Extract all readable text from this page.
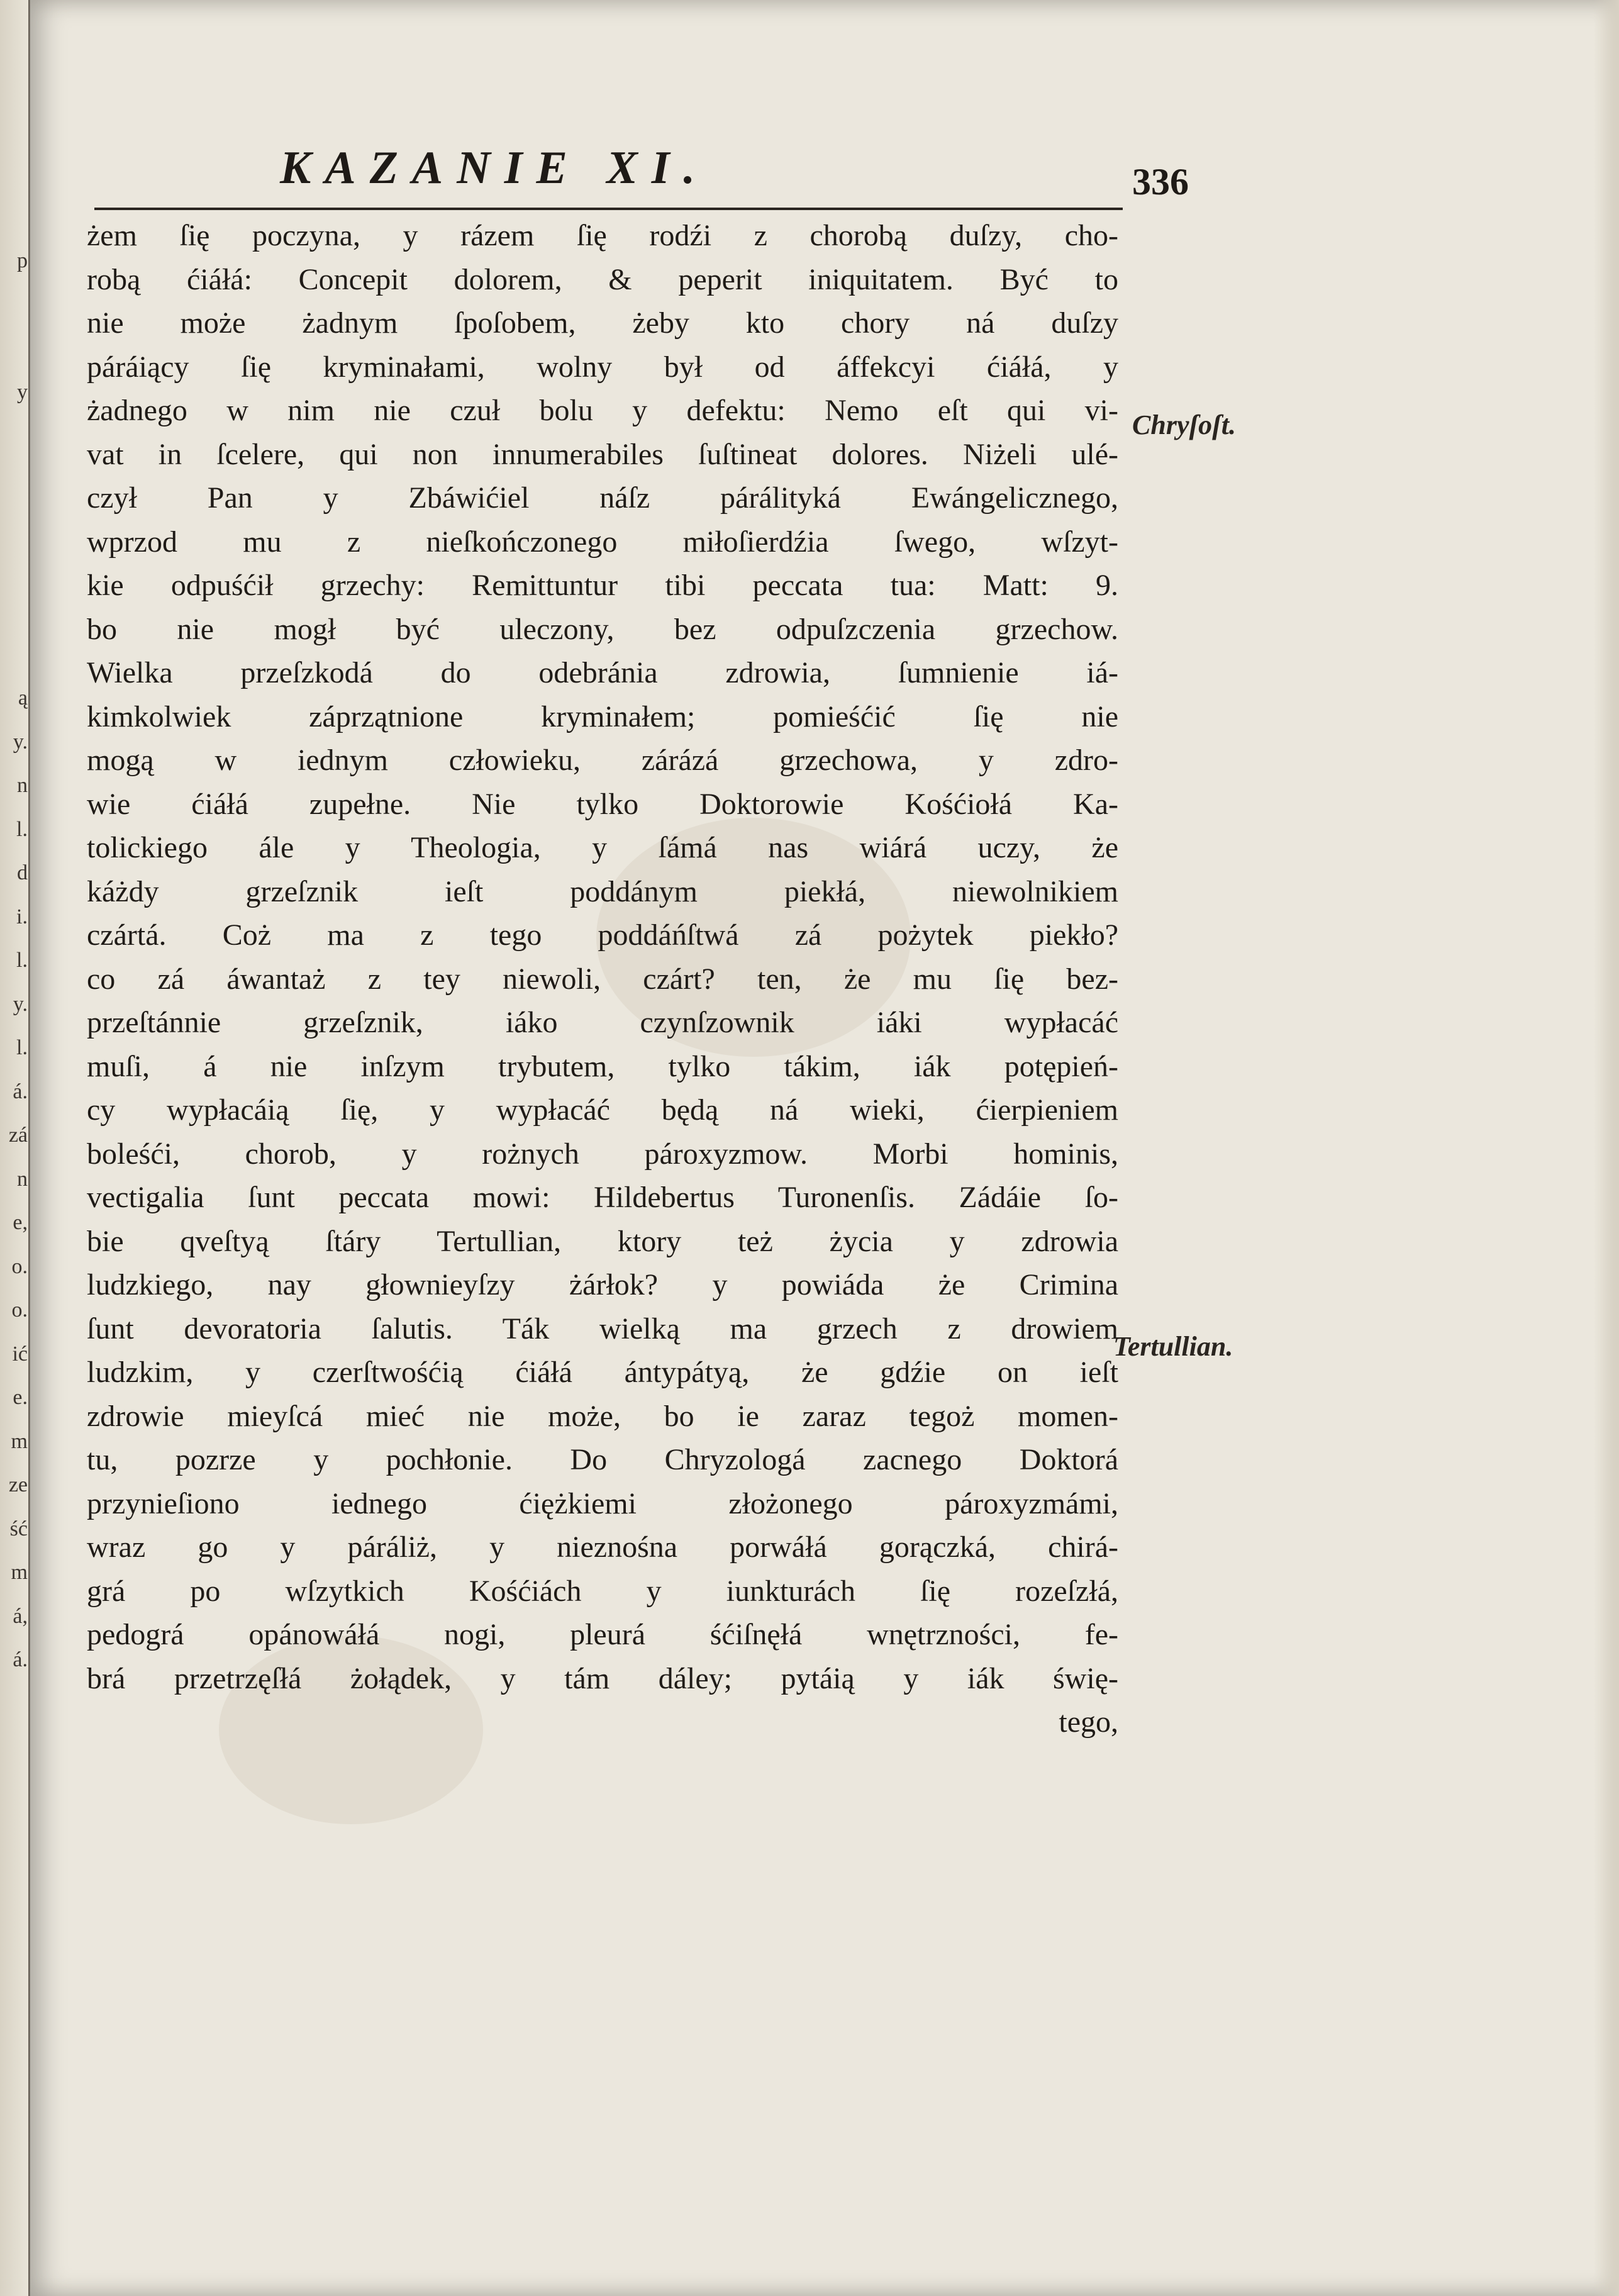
p
y
ą
y.
n
l.
d
i.
l.
y.
l.
á.
zá
n
e,
o.
o.
ić
e.
m
ze
ść
m
á,
á.
KAZANIE XI.	336
żem ſię poczyna, y rázem ſię rodźi z chorobą duſzy, cho-
robą ćiáłá: Concepit dolorem, & peperit iniquitatem. Być to
nie może żadnym ſpoſobem, żeby kto chory ná duſzy
páráiący ſię kryminałami, wolny był od áffekcyi ćiáłá, y
żadnego w nim nie czuł bolu y defektu: Nemo eſt qui vi-
vat in ſcelere, qui non innumerabiles ſuſtineat dolores. Niżeli ulé-
czył Pan y Zbáwićiel náſz párálityká Ewángelicznego,
wprzod mu z nieſkończonego miłoſierdźia ſwego, wſzyt-
kie odpuśćił grzechy: Remittuntur tibi peccata tua: Matt: 9.
bo nie mogł być uleczony, bez odpuſzczenia grzechow.
Wielka przeſzkodá do odebránia zdrowia, ſumnienie iá-
kimkolwiek záprzątnione kryminałem; pomieśćić ſię nie
mogą w iednym człowieku, zárázá grzechowa, y zdro-
wie ćiáłá zupełne. Nie tylko Doktorowie Kośćiołá Ka-
tolickiego ále y Theologia, y ſámá nas wiárá uczy, że
káżdy grzeſznik ieſt poddánym piekłá, niewolnikiem
czártá. Coż ma z tego poddáńſtwá zá pożytek piekło?
co zá áwantaż z tey niewoli, czárt? ten, że mu ſię bez-
przeſtánnie grzeſznik, iáko czynſzownik iáki wypłacáć
muſi, á nie inſzym trybutem, tylko tákim, iák potępień-
cy wypłacáią ſię, y wypłacáć będą ná wieki, ćierpieniem
boleśći, chorob, y rożnych pároxyzmow. Morbi hominis,
vectigalia ſunt peccata mowi: Hildebertus Turonenſis. Zádáie ſo-
bie qveſtyą ſtáry Tertullian, ktory też życia y zdrowia
ludzkiego, nay głownieyſzy żárłok? y powiáda że Crimina
ſunt devoratoria ſalutis. Ták wielką ma grzech z drowiem
ludzkim, y czerſtwośćią ćiáłá ántypátyą, że gdźie on ieſt
zdrowie mieyſcá mieć nie może, bo ie zaraz tegoż momen-
tu, pozrze y pochłonie. Do Chryzologá zacnego Doktorá
przynieſiono iednego ćiężkiemi złożonego pároxyzmámi,
wraz go y páráliż, y nieznośna porwáłá gorączká, chirá-
grá po wſzytkich Kośćiách y iunkturách ſię rozeſzłá,
pedográ opánowáłá nogi, pleurá śćiſnęłá wnętrzności, fe-
brá przetrzęſłá żołądek, y tám dáley; pytáią y iák świę-
tego,
Chryſoſt.
Tertullian.
